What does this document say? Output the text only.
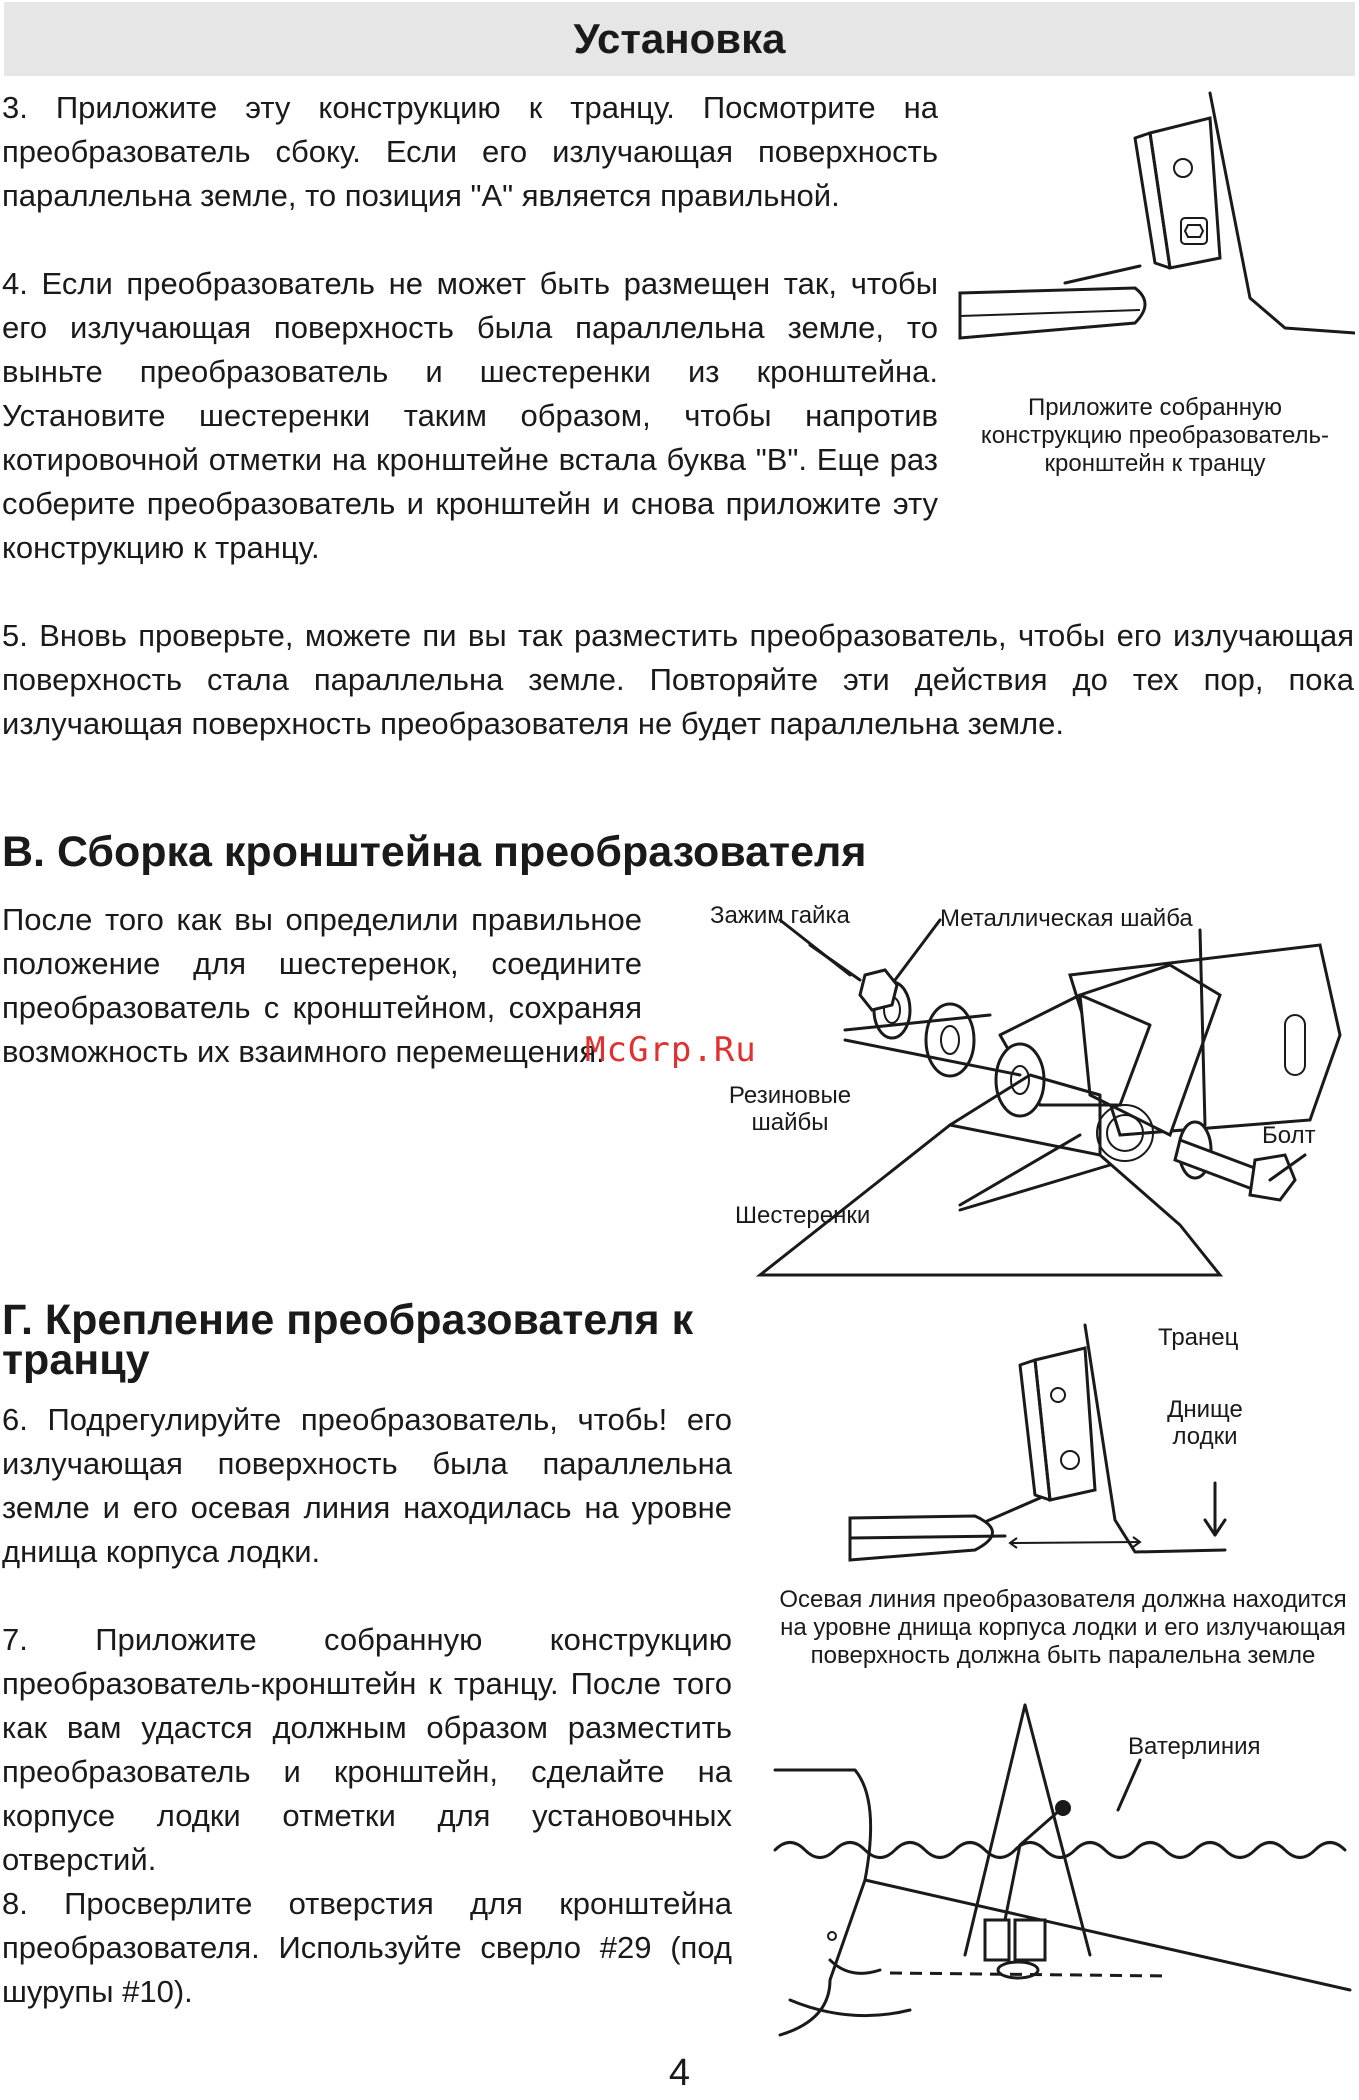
Установка

3. Приложите эту конструкцию к транцу. Посмотрите на преобразователь сбоку. Если его излучающая поверхность параллельна земле, то позиция "А" является правильной.

4. Если преобразователь не может быть размещен так, чтобы его излучающая поверхность была параллельна земле, то выньте преобразователь и шестеренки из кронштейна. Установите шестеренки таким образом, чтобы напротив котировочной отметки на кронштейне встала буква "В". Еще раз соберите преобразователь и кронштейн и снова приложите эту конструкцию к транцу.

5. Вновь проверьте, можете пи вы так разместить преобразователь, чтобы его излучающая поверхность стала параллельна земле. Повторяйте эти действия до тех пор, пока излучающая поверхность преобразователя не будет параллельна земле.

Приложите собранную конструкцию преобразователь-кронштейн к транцу

В. Сборка кронштейна преобразователя

После того как вы определили правильное положение для шестеренок, соедините преобразователь с кронштейном, сохраняя возможность их взаимного перемещения.

Зажим гайка	Металлическая шайба

Резиновые шайбы	Болт

Шестеренки

McGrp.Ru
Г. Крепление преобразователя к транцу

6. Подрегулируйте преобразователь, чтобь! его излучающая поверхность была параллельна земле и его осевая линия находилась на уровне днища корпуса лодки.

7. Приложите собранную конструкцию преобразователь-кронштейн к транцу. После того как вам удастся должным образом разместить преобразователь и кронштейн, сделайте на корпусе лодки отметки для установочных отверстий.

8. Просверлите отверстия для кронштейна преобразователя. Используйте сверло #29 (под шурупы #10).

Транец

Днище лодки

Осевая линия преобразователя должна находится на уровне днища корпуса лодки и его излучающая поверхность должна быть паралельна земле

Ватерлиния

4
